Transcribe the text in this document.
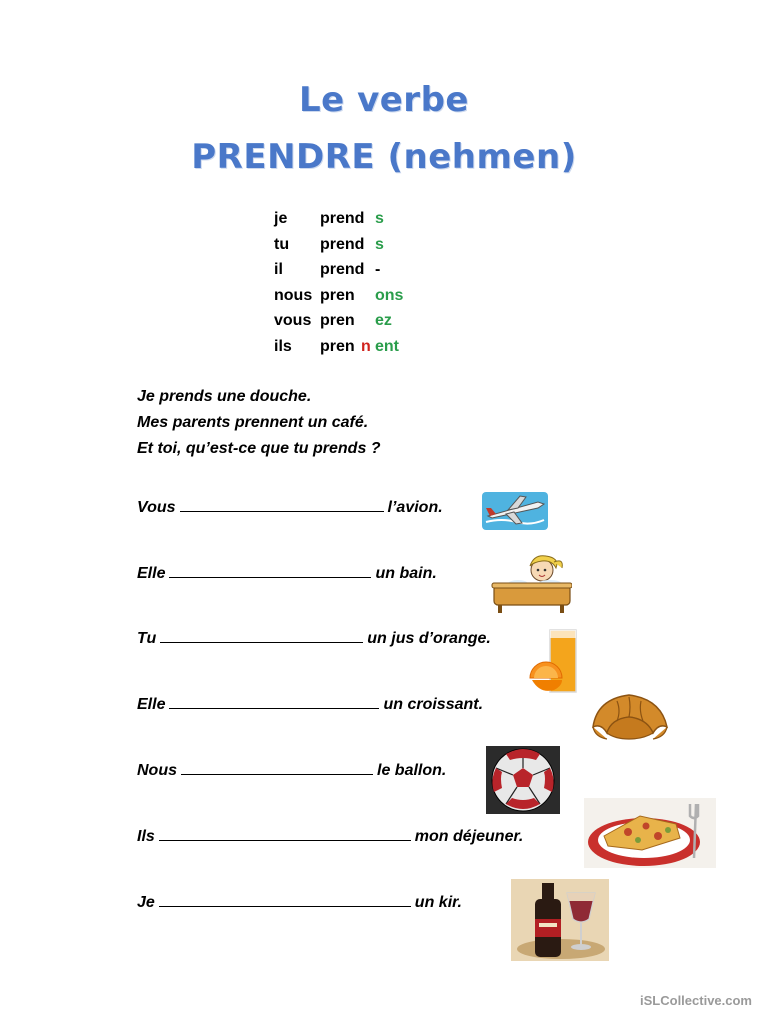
Le verbe
PRENDRE (nehmen)
je prend s
tu prend s
il prend -
nous pren ons
vous pren ez
ils pren n ent
Je prends une douche.
Mes parents prennent un café.
Et toi, qu’est-ce que tu prends ?
Vous	l’avion.
Elle	un bain.
Tu	un jus d’orange.
Elle	un croissant.
Nous	le ballon.
Ils	mon déjeuner.
Je	un kir.
iSLCollective.com
